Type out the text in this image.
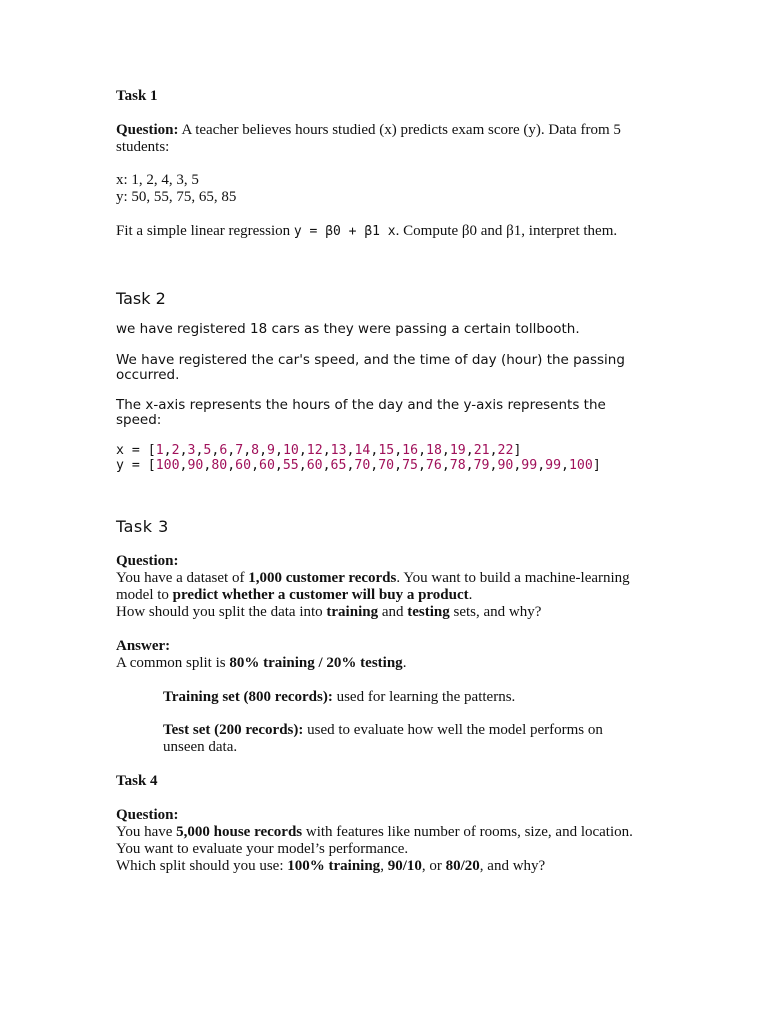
Task 1

Question: A teacher believes hours studied (x) predicts exam score (y). Data from 5
students:

x: 1, 2, 4, 3, 5

y: 50, 55, 75, 65, 85

Fit a simple linear regression y = β0 + β1 x. Compute β0 and β1, interpret them.

Task 2

we have registered 18 cars as they were passing a certain tollbooth.

We have registered the car's speed, and the time of day (hour) the passing
occurred.

The x-axis represents the hours of the day and the y-axis represents the
speed:

x = [1,2,3,5,6,7,8,9,10,12,13,14,15,16,18,19,21,22]

y = [100,90,80,60,60,55,60,65,70,70,75,76,78,79,90,99,99,100]

Task 3

Question:

You have a dataset of 1,000 customer records. You want to build a machine-learning
model to predict whether a customer will buy a product.
How should you split the data into training and testing sets, and why?

Answer:

A common split is 80% training / 20% testing.

Training set (800 records): used for learning the patterns.

Test set (200 records): used to evaluate how well the model performs on
unseen data.

Task 4

Question:

You have 5,000 house records with features like number of rooms, size, and location.
You want to evaluate your model’s performance.
Which split should you use: 100% training, 90/10, or 80/20, and why?
